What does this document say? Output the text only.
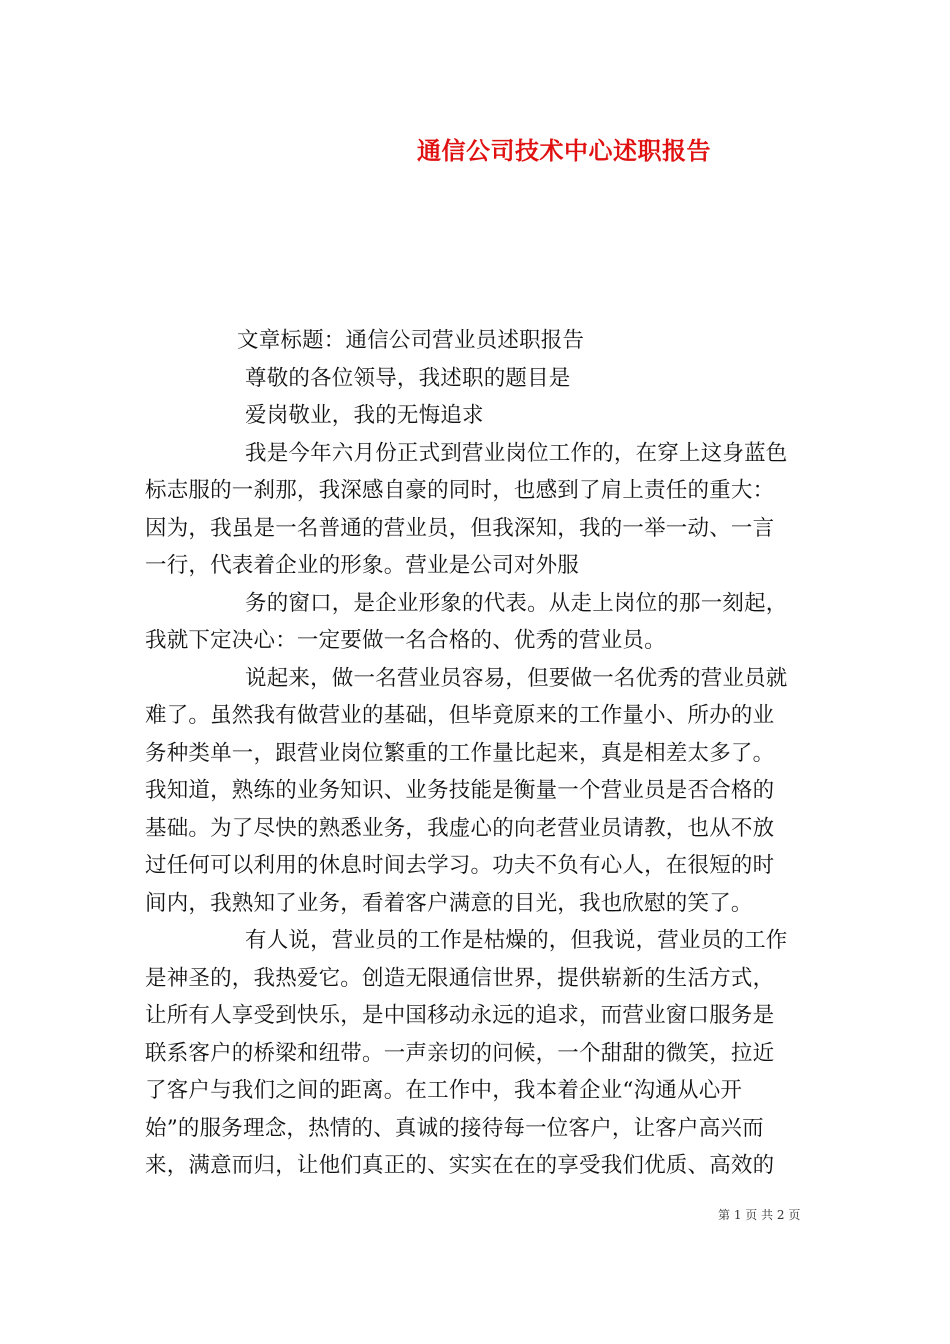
通信公司技术中心述职报告
文章标题：通信公司营业员述职报告
尊敬的各位领导，我述职的题目是
爱岗敬业，我的无悔追求
我是今年六月份正式到营业岗位工作的，在穿上这身蓝色
标志服的一刹那，我深感自豪的同时，也感到了肩上责任的重大：
因为，我虽是一名普通的营业员，但我深知，我的一举一动、一言
一行，代表着企业的形象。营业是公司对外服
务的窗口，是企业形象的代表。从走上岗位的那一刻起，
我就下定决心：一定要做一名合格的、优秀的营业员。
说起来，做一名营业员容易，但要做一名优秀的营业员就
难了。虽然我有做营业的基础，但毕竟原来的工作量小、所办的业
务种类单一，跟营业岗位繁重的工作量比起来，真是相差太多了。
我知道，熟练的业务知识、业务技能是衡量一个营业员是否合格的
基础。为了尽快的熟悉业务，我虚心的向老营业员请教，也从不放
过任何可以利用的休息时间去学习。功夫不负有心人，在很短的时
间内，我熟知了业务，看着客户满意的目光，我也欣慰的笑了。
有人说，营业员的工作是枯燥的，但我说，营业员的工作
是神圣的，我热爱它。创造无限通信世界，提供崭新的生活方式，
让所有人享受到快乐，是中国移动永远的追求，而营业窗口服务是
联系客户的桥梁和纽带。一声亲切的问候，一个甜甜的微笑，拉近
了客户与我们之间的距离。在工作中，我本着企业“沟通从心开
始”的服务理念，热情的、真诚的接待每一位客户，让客户高兴而
来，满意而归，让他们真正的、实实在在的享受我们优质、高效的
第 1 页 共 2 页
